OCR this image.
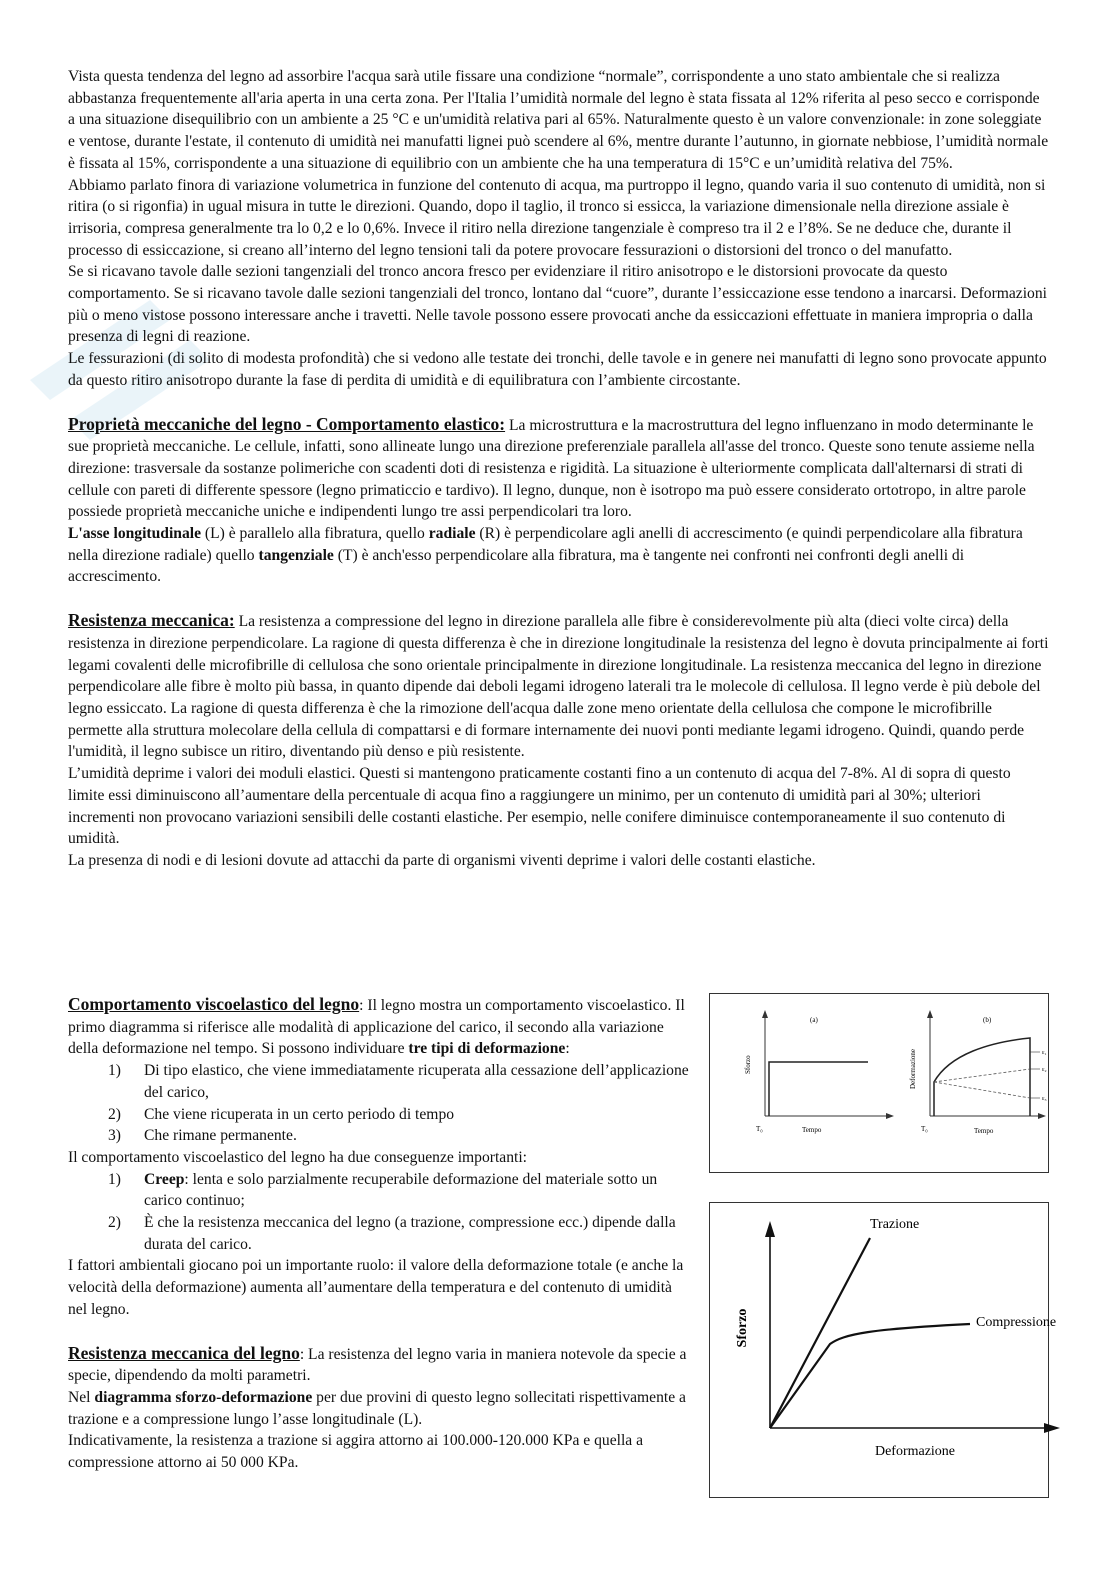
Vista questa tendenza del legno ad assorbire l'acqua sarà utile fissare una condizione “normale”, corrispondente a uno stato ambientale che si realizza abbastanza frequentemente all'aria aperta in una certa zona. Per l'Italia l’umidità normale del legno è stata fissata al 12% riferita al peso secco e corrisponde a una situazione disequilibrio con un ambiente a 25 °C e un'umidità relativa pari al 65%. Naturalmente questo è un valore convenzionale: in zone soleggiate e ventose, durante l'estate, il contenuto di umidità nei manufatti lignei può scendere al 6%, mentre durante l’autunno, in giornate nebbiose, l’umidità normale è fissata al 15%, corrispondente a una situazione di equilibrio con un ambiente che ha una temperatura di 15°C e un’umidità relativa del 75%.

Abbiamo parlato finora di variazione volumetrica in funzione del contenuto di acqua, ma purtroppo il legno, quando varia il suo contenuto di umidità, non si ritira (o si rigonfia) in ugual misura in tutte le direzioni. Quando, dopo il taglio, il tronco si essicca, la variazione dimensionale nella direzione assiale è irrisoria, compresa generalmente tra lo 0,2 e lo 0,6%. Invece il ritiro nella direzione tangenziale è compreso tra il 2 e l’8%. Se ne deduce che, durante il processo di essiccazione, si creano all’interno del legno tensioni tali da potere provocare fessurazioni o distorsioni del tronco o del manufatto.

Se si ricavano tavole dalle sezioni tangenziali del tronco ancora fresco per evidenziare il ritiro anisotropo e le distorsioni provocate da questo comportamento. Se si ricavano tavole dalle sezioni tangenziali del tronco, lontano dal “cuore”, durante l’essiccazione esse tendono a inarcarsi. Deformazioni più o meno vistose possono interessare anche i travetti. Nelle tavole possono essere provocati anche da essiccazioni effettuate in maniera impropria o dalla presenza di legni di reazione.

Le fessurazioni (di solito di modesta profondità) che si vedono alle testate dei tronchi, delle tavole e in genere nei manufatti di legno sono provocate appunto da questo ritiro anisotropo durante la fase di perdita di umidità e di equilibratura con l’ambiente circostante.

Proprietà meccaniche del legno - Comportamento elastico: La microstruttura e la macrostruttura del legno influenzano in modo determinante le sue proprietà meccaniche. Le cellule, infatti, sono allineate lungo una direzione preferenziale parallela all'asse del tronco. Queste sono tenute assieme nella direzione: trasversale da sostanze polimeriche con scadenti doti di resistenza e rigidità. La situazione è ulteriormente complicata dall'alternarsi di strati di cellule con pareti di differente spessore (legno primaticcio e tardivo). Il legno, dunque, non è isotropo ma può essere considerato ortotropo, in altre parole possiede proprietà meccaniche uniche e indipendenti lungo tre assi perpendicolari tra loro.

L'asse longitudinale (L) è parallelo alla fibratura, quello radiale (R) è perpendicolare agli anelli di accrescimento (e quindi perpendicolare alla fibratura nella direzione radiale) quello tangenziale (T) è anch'esso perpendicolare alla fibratura, ma è tangente nei confronti nei confronti degli anelli di accrescimento.

Resistenza meccanica: La resistenza a compressione del legno in direzione parallela alle fibre è considerevolmente più alta (dieci volte circa) della resistenza in direzione perpendicolare. La ragione di questa differenza è che in direzione longitudinale la resistenza del legno è dovuta principalmente ai forti legami covalenti delle microfibrille di cellulosa che sono orientale principalmente in direzione longitudinale. La resistenza meccanica del legno in direzione perpendicolare alle fibre è molto più bassa, in quanto dipende dai deboli legami idrogeno laterali tra le molecole di cellulosa. Il legno verde è più debole del legno essiccato. La ragione di questa differenza è che la rimozione dell'acqua dalle zone meno orientate della cellulosa che compone le microfibrille permette alla struttura molecolare della cellula di compattarsi e di formare internamente dei nuovi ponti mediante legami idrogeno. Quindi, quando perde l'umidità, il legno subisce un ritiro, diventando più denso e più resistente.

L’umidità deprime i valori dei moduli elastici. Questi si mantengono praticamente costanti fino a un contenuto di acqua del 7-8%. Al di sopra di questo limite essi diminuiscono all’aumentare della percentuale di acqua fino a raggiungere un minimo, per un contenuto di umidità pari al 30%; ulteriori incrementi non provocano variazioni sensibili delle costanti elastiche. Per esempio, nelle conifere diminuisce contemporaneamente il suo contenuto di umidità.

La presenza di nodi e di lesioni dovute ad attacchi da parte di organismi viventi deprime i valori delle costanti elastiche.

Comportamento viscoelastico del legno: Il legno mostra un comportamento viscoelastico. Il primo diagramma si riferisce alle modalità di applicazione del carico, il secondo alla variazione della deformazione nel tempo. Si possono individuare tre tipi di deformazione:

1)	Di tipo elastico, che viene immediatamente ricuperata alla cessazione dell’applicazione del carico,
2)	Che viene ricuperata in un certo periodo di tempo
3)	Che rimane permanente.

Il comportamento viscoelastico del legno ha due conseguenze importanti:

1)	Creep: lenta e solo parzialmente recuperabile deformazione del materiale sotto un carico continuo;
2)	È che la resistenza meccanica del legno (a trazione, compressione ecc.) dipende dalla durata del carico.

I fattori ambientali giocano poi un importante ruolo: il valore della deformazione totale (e anche la velocità della deformazione) aumenta all’aumentare della temperatura e del contenuto di umidità nel legno.

Resistenza meccanica del legno: La resistenza del legno varia in maniera notevole da specie a specie, dipendendo da molti parametri.

Nel diagramma sforzo-deformazione per due provini di questo legno sollecitati rispettivamente a trazione e a compressione lungo l’asse longitudinale (L).

Indicativamente, la resistenza a trazione si aggira attorno ai 100.000-120.000 KPa e quella a compressione attorno ai 50 000 KPa.

(a)
Sforzo
T₀	Tempo
(b)
Deformazione	ε₁
ε₂
ε₃
T₀	Tempo
Sforzo
Deformazione
Trazione
Compressione
